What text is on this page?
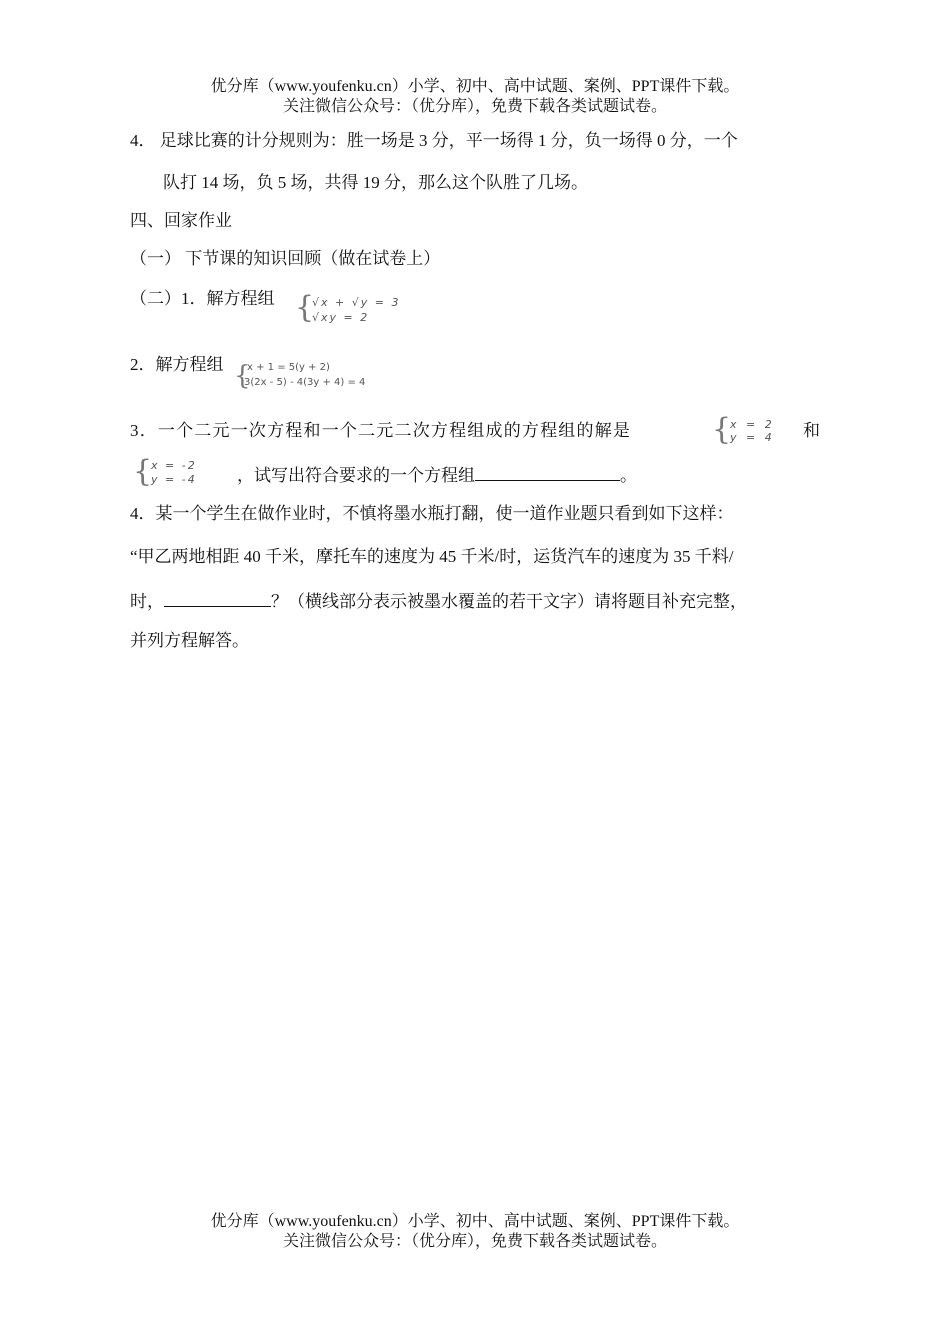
优分库（www.youfenku.cn）小学、初中、高中试题、案例、PPT课件下载。
关注微信公众号：（优分库），免费下载各类试题试卷。
4． 足球比赛的计分规则为：胜一场是 3 分，平一场得 1 分，负一场得 0 分，一个
队打 14 场，负 5 场，共得 19 分，那么这个队胜了几场。
四、回家作业
（一） 下节课的知识回顾（做在试卷上）
（二）1．解方程组 {
√x + √y = 3
√xy = 2
2．解方程组 {
x + 1 = 5(y + 2)
3(2x - 5) - 4(3y + 4) = 4
3．一个二元一次方程和一个二元二次方程组成的方程组的解是	{
x = 2
y = 4 和
{
x = -2
y = -4 ，试写出符合要求的一个方程组	。
4．某一个学生在做作业时，不慎将墨水瓶打翻，使一道作业题只看到如下这样：
“甲乙两地相距 40 千米，摩托车的速度为 45 千米/时，运货汽车的速度为 35 千料/
时，	？（横线部分表示被墨水覆盖的若干文字）请将题目补充完整，
并列方程解答。
优分库（www.youfenku.cn）小学、初中、高中试题、案例、PPT课件下载。
关注微信公众号：（优分库），免费下载各类试题试卷。
